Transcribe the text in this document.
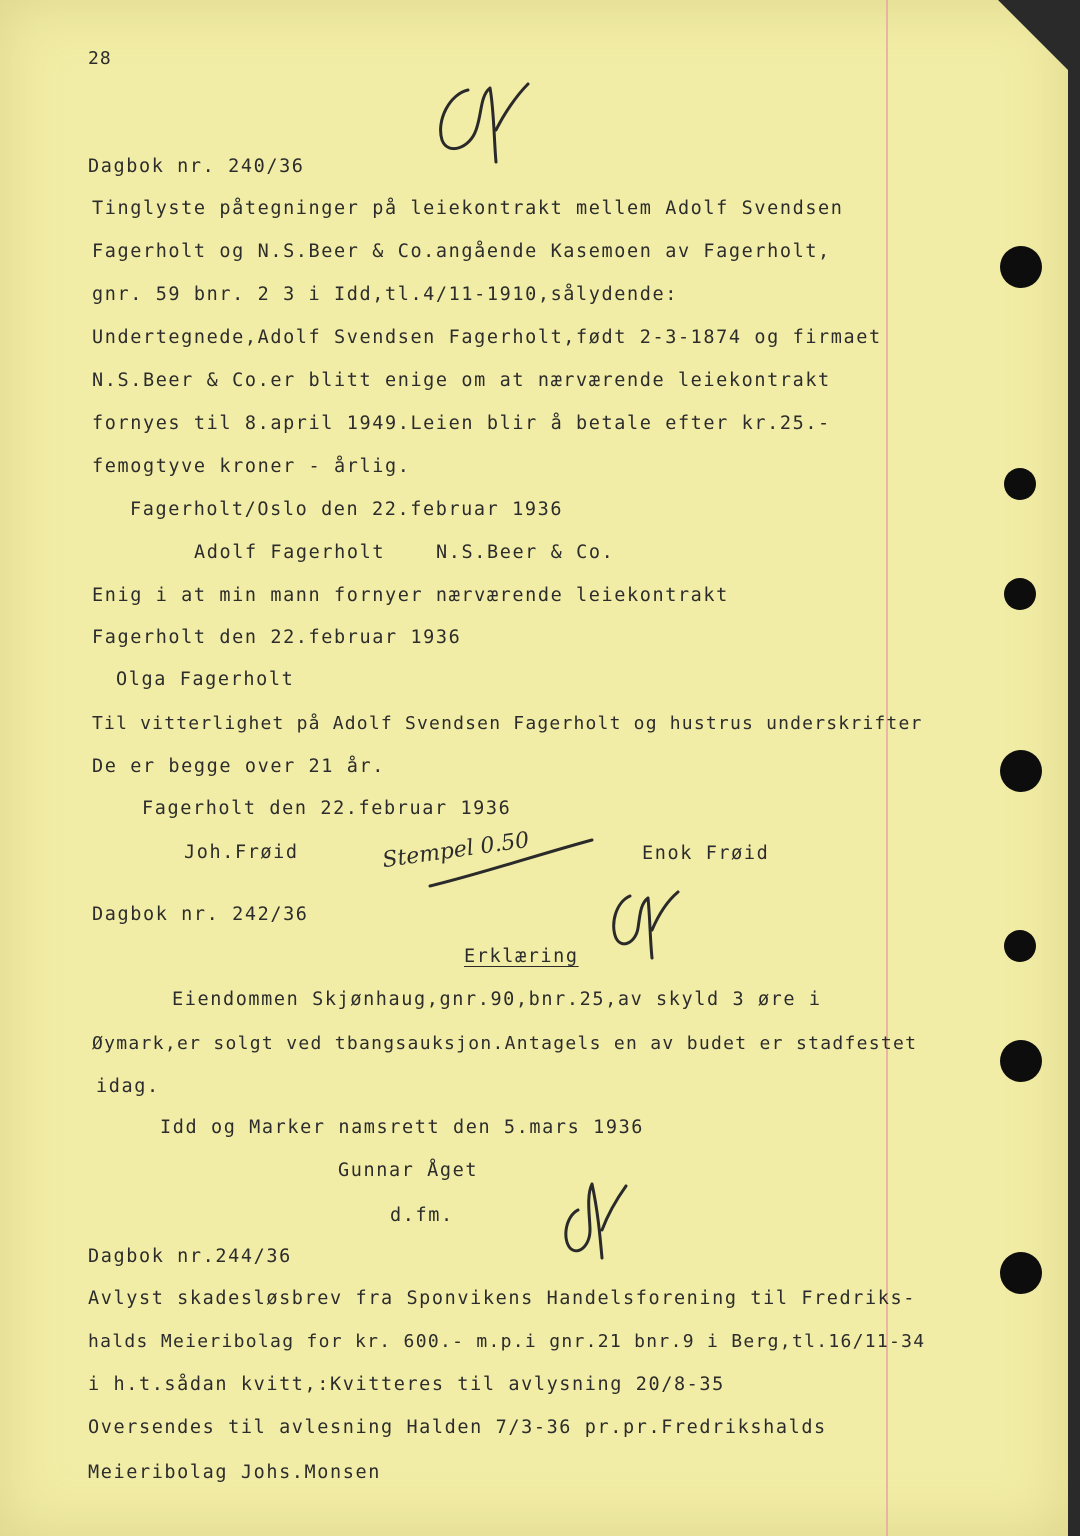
28
Dagbok nr. 240/36
Tinglyste påtegninger på leiekontrakt mellem Adolf Svendsen
Fagerholt og N.S.Beer & Co.angående Kasemoen av Fagerholt,
gnr. 59 bnr. 2 3 i Idd,tl.4/11-1910,sålydende:
Undertegnede,Adolf Svendsen Fagerholt,født 2-3-1874 og firmaet
N.S.Beer & Co.er blitt enige om at nærværende leiekontrakt
fornyes til 8.april 1949.Leien blir å betale efter kr.25.-
femogtyve kroner - årlig.
Fagerholt/Oslo den 22.februar 1936
Adolf Fagerholt    N.S.Beer & Co.
Enig i at min mann fornyer nærværende leiekontrakt
Fagerholt den 22.februar 1936
Olga Fagerholt
Til vitterlighet på Adolf Svendsen Fagerholt og hustrus underskrifter
De er begge over 21 år.
Fagerholt den 22.februar 1936
Joh.Frøid	Stempel 0.50	Enok Frøid
Dagbok nr. 242/36
Erklæring
Eiendommen Skjønhaug,gnr.90,bnr.25,av skyld 3 øre i
Øymark,er solgt ved tbangsauksjon.Antagels en av budet er stadfestet
idag.
Idd og Marker namsrett den 5.mars 1936
Gunnar Åget
d.fm.
Dagbok nr.244/36
Avlyst skadesløsbrev fra Sponvikens Handelsforening til Fredriks-
halds Meieribolag for kr. 600.- m.p.i gnr.21 bnr.9 i Berg,tl.16/11-34
i h.t.sådan kvitt,:Kvitteres til avlysning 20/8-35
Oversendes til avlesning Halden 7/3-36 pr.pr.Fredrikshalds
Meieribolag Johs.Monsen
